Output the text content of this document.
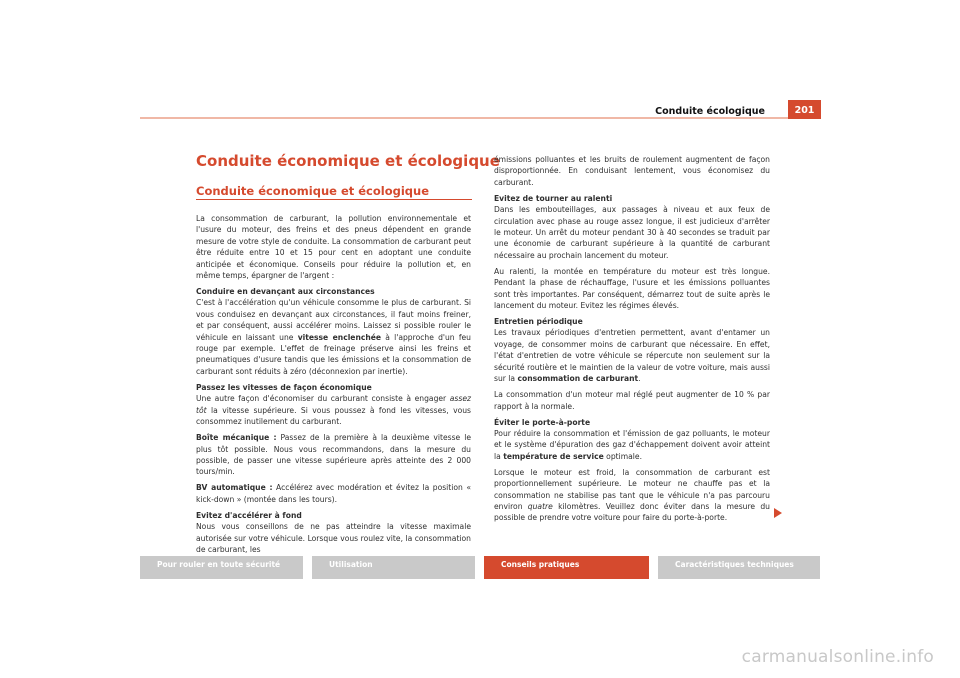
Conduite écologique	201
Conduite économique et écologique
Conduite économique et écologique

La consommation de carburant, la pollution environnementale et l'usure du moteur, des freins et des pneus dépendent en grande mesure de votre style de conduite. La consommation de carburant peut être réduite entre 10 et 15 pour cent en adoptant une conduite anticipée et économique. Conseils pour réduire la pollution et, en même temps, épargner de l'argent :

Conduire en devançant aux circonstances

C'est à l'accélération qu'un véhicule consomme le plus de carburant. Si vous conduisez en devançant aux circonstances, il faut moins freiner, et par conséquent, aussi accélérer moins. Laissez si possible rouler le véhicule en laissant une vitesse enclenchée à l'approche d'un feu rouge par exemple. L'effet de freinage préserve ainsi les freins et pneumatiques d'usure tandis que les émissions et la consommation de carburant sont réduits à zéro (déconnexion par inertie).

Passez les vitesses de façon économique

Une autre façon d'économiser du carburant consiste à engager assez tôt la vitesse supérieure. Si vous poussez à fond les vitesses, vous consommez inutilement du carburant.

Boîte mécanique : Passez de la première à la deuxième vitesse le plus tôt possible. Nous vous recommandons, dans la mesure du possible, de passer une vitesse supérieure après atteinte des 2 000 tours/min.

BV automatique : Accélérez avec modération et évitez la position « kick-down » (montée dans les tours).

Evitez d'accélérer à fond

Nous vous conseillons de ne pas atteindre la vitesse maximale autorisée sur votre véhicule. Lorsque vous roulez vite, la consommation de carburant, les

émissions polluantes et les bruits de roulement augmentent de façon disproportionnée. En conduisant lentement, vous économisez du carburant.

Evitez de tourner au ralenti

Dans les embouteillages, aux passages à niveau et aux feux de circulation avec phase au rouge assez longue, il est judicieux d'arrêter le moteur. Un arrêt du moteur pendant 30 à 40 secondes se traduit par une économie de carburant supérieure à la quantité de carburant nécessaire au prochain lancement du moteur.

Au ralenti, la montée en température du moteur est très longue. Pendant la phase de réchauffage, l'usure et les émissions polluantes sont très importantes. Par conséquent, démarrez tout de suite après le lancement du moteur. Evitez les régimes élevés.

Entretien périodique

Les travaux périodiques d'entretien permettent, avant d'entamer un voyage, de consommer moins de carburant que nécessaire. En effet, l'état d'entretien de votre véhicule se répercute non seulement sur la sécurité routière et le maintien de la valeur de votre voiture, mais aussi sur la consommation de carburant.

La consommation d'un moteur mal réglé peut augmenter de 10 % par rapport à la normale.

Éviter le porte-à-porte

Pour réduire la consommation et l'émission de gaz polluants, le moteur et le système d'épuration des gaz d'échappement doivent avoir atteint la température de service optimale.

Lorsque le moteur est froid, la consommation de carburant est proportionnellement supérieure. Le moteur ne chauffe pas et la consommation ne stabilise pas tant que le véhicule n'a pas parcouru environ quatre kilomètres. Veuillez donc éviter dans la mesure du possible de prendre votre voiture pour faire du porte-à-porte.

Pour rouler en toute sécurité	Utilisation	Conseils pratiques	Caractéristiques techniques
carmanualsonline.info
